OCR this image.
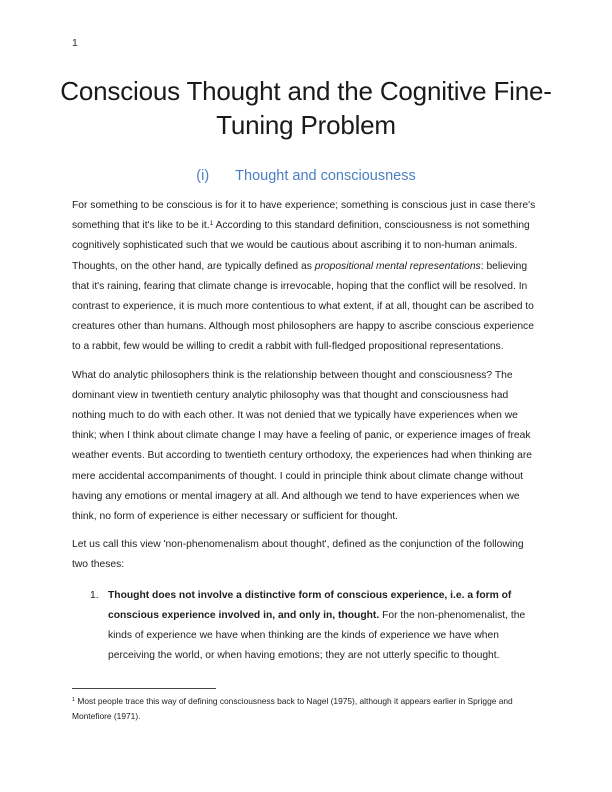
1
Conscious Thought and the Cognitive Fine-Tuning Problem
(i) Thought and consciousness

For something to be conscious is for it to have experience; something is conscious just in case there's something that it's like to be it.$^1$ According to this standard definition, consciousness is not something cognitively sophisticated such that we would be cautious about ascribing it to non-human animals. Thoughts, on the other hand, are typically defined as propositional mental representations: believing that it's raining, fearing that climate change is irrevocable, hoping that the conflict will be resolved. In contrast to experience, it is much more contentious to what extent, if at all, thought can be ascribed to creatures other than humans. Although most philosophers are happy to ascribe conscious experience to a rabbit, few would be willing to credit a rabbit with full-fledged propositional representations.

What do analytic philosophers think is the relationship between thought and consciousness? The dominant view in twentieth century analytic philosophy was that thought and consciousness had nothing much to do with each other. It was not denied that we typically have experiences when we think; when I think about climate change I may have a feeling of panic, or experience images of freak weather events. But according to twentieth century orthodoxy, the experiences had when thinking are mere accidental accompaniments of thought. I could in principle think about climate change without having any emotions or mental imagery at all. And although we tend to have experiences when we think, no form of experience is either necessary or sufficient for thought.

Let us call this view 'non-phenomenalism about thought', defined as the conjunction of the following two theses:

1. Thought does not involve a distinctive form of conscious experience, i.e. a form of conscious experience involved in, and only in, thought. For the non-phenomenalist, the kinds of experience we have when thinking are the kinds of experience we have when perceiving the world, or when having emotions; they are not utterly specific to thought.
$^1$ Most people trace this way of defining consciousness back to Nagel (1975), although it appears earlier in Sprigge and Montefiore (1971).
